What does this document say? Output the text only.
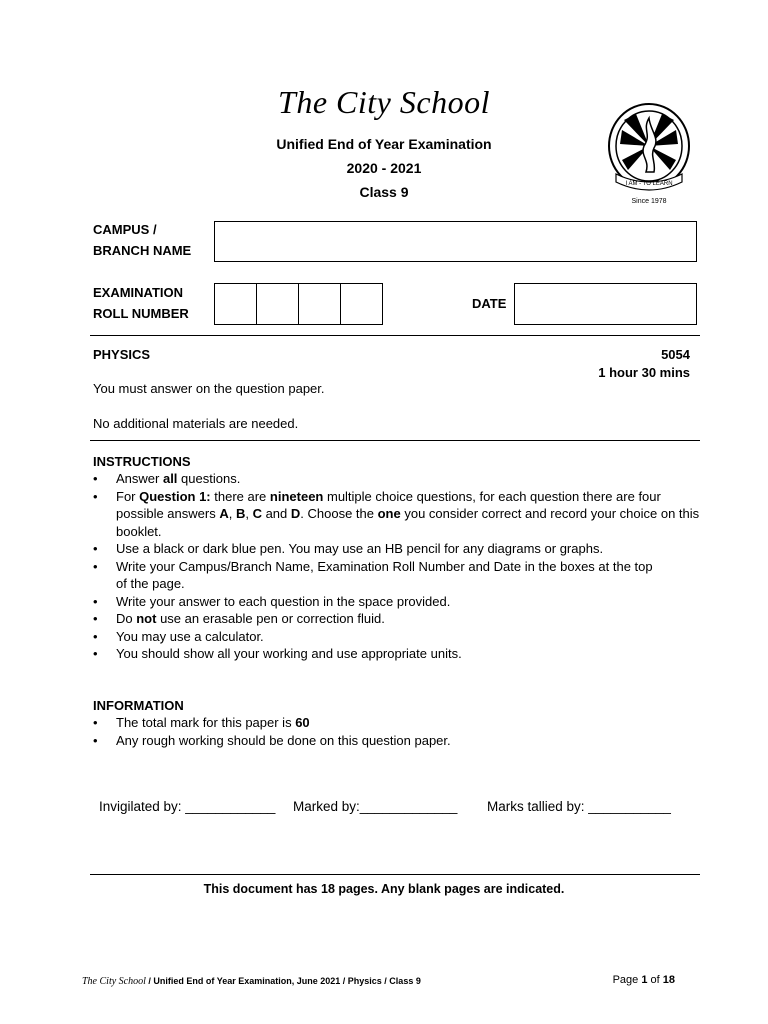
The City School
Unified End of Year Examination
2020 - 2021
Class 9	I AM - TO LEARN
Since 1978
CAMPUS /
BRANCH NAME
EXAMINATION
ROLL NUMBER
DATE
PHYSICS	5054
1 hour 30 mins
You must answer on the question paper.
No additional materials are needed.
INSTRUCTIONS
• Answer all questions.
• For Question 1: there are nineteen multiple choice questions, for each question there are four possible answers A, B, C and D. Choose the one you consider correct and record your choice on this booklet.
• Use a black or dark blue pen. You may use an HB pencil for any diagrams or graphs.
• Write your Campus/Branch Name, Examination Roll Number and Date in the boxes at the top of the page.
• Write your answer to each question in the space provided.
• Do not use an erasable pen or correction fluid.
• You may use a calculator.
• You should show all your working and use appropriate units.
INFORMATION
• The total mark for this paper is 60
• Any rough working should be done on this question paper.
Invigilated by: ____________ Marked by:_____________ Marks tallied by: ___________
This document has 18 pages. Any blank pages are indicated.
The City School / Unified End of Year Examination, June 2021 / Physics / Class 9	Page 1 of 18
